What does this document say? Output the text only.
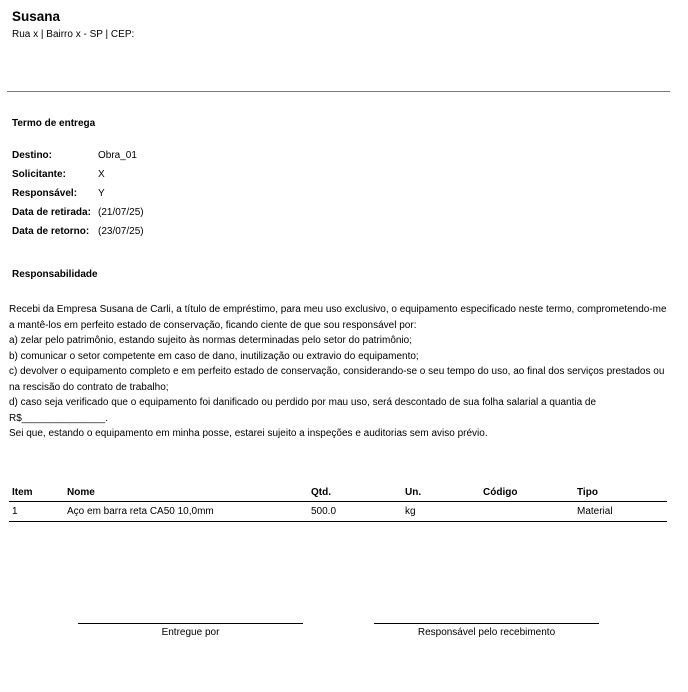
Susana
Rua x | Bairro x - SP | CEP:
Termo de entrega
Destino:	Obra_01
Solicitante:	X
Responsável: Y
Data de retirada: (21/07/25)
Data de retorno: (23/07/25)
Responsabilidade
Recebi da Empresa Susana de Carli, a título de empréstimo, para meu uso exclusivo, o equipamento especificado neste termo, comprometendo-me a mantê-los em perfeito estado de conservação, ficando ciente de que sou responsável por:
a) zelar pelo patrimônio, estando sujeito às normas determinadas pelo setor do patrimônio;
b) comunicar o setor competente em caso de dano, inutilização ou extravio do equipamento;
c) devolver o equipamento completo e em perfeito estado de conservação, considerando-se o seu tempo do uso, ao final dos serviços prestados ou na rescisão do contrato de trabalho;
d) caso seja verificado que o equipamento foi danificado ou perdido por mau uso, será descontado de sua folha salarial a quantia de R$_______________.
Sei que, estando o equipamento em minha posse, estarei sujeito a inspeções e auditorias sem aviso prévio.
Item	Nome	Qtd.	Un.	Código	Tipo
1	Aço em barra reta CA50 10,0mm	500.0	kg		Material
Entregue por	Responsável pelo recebimento
